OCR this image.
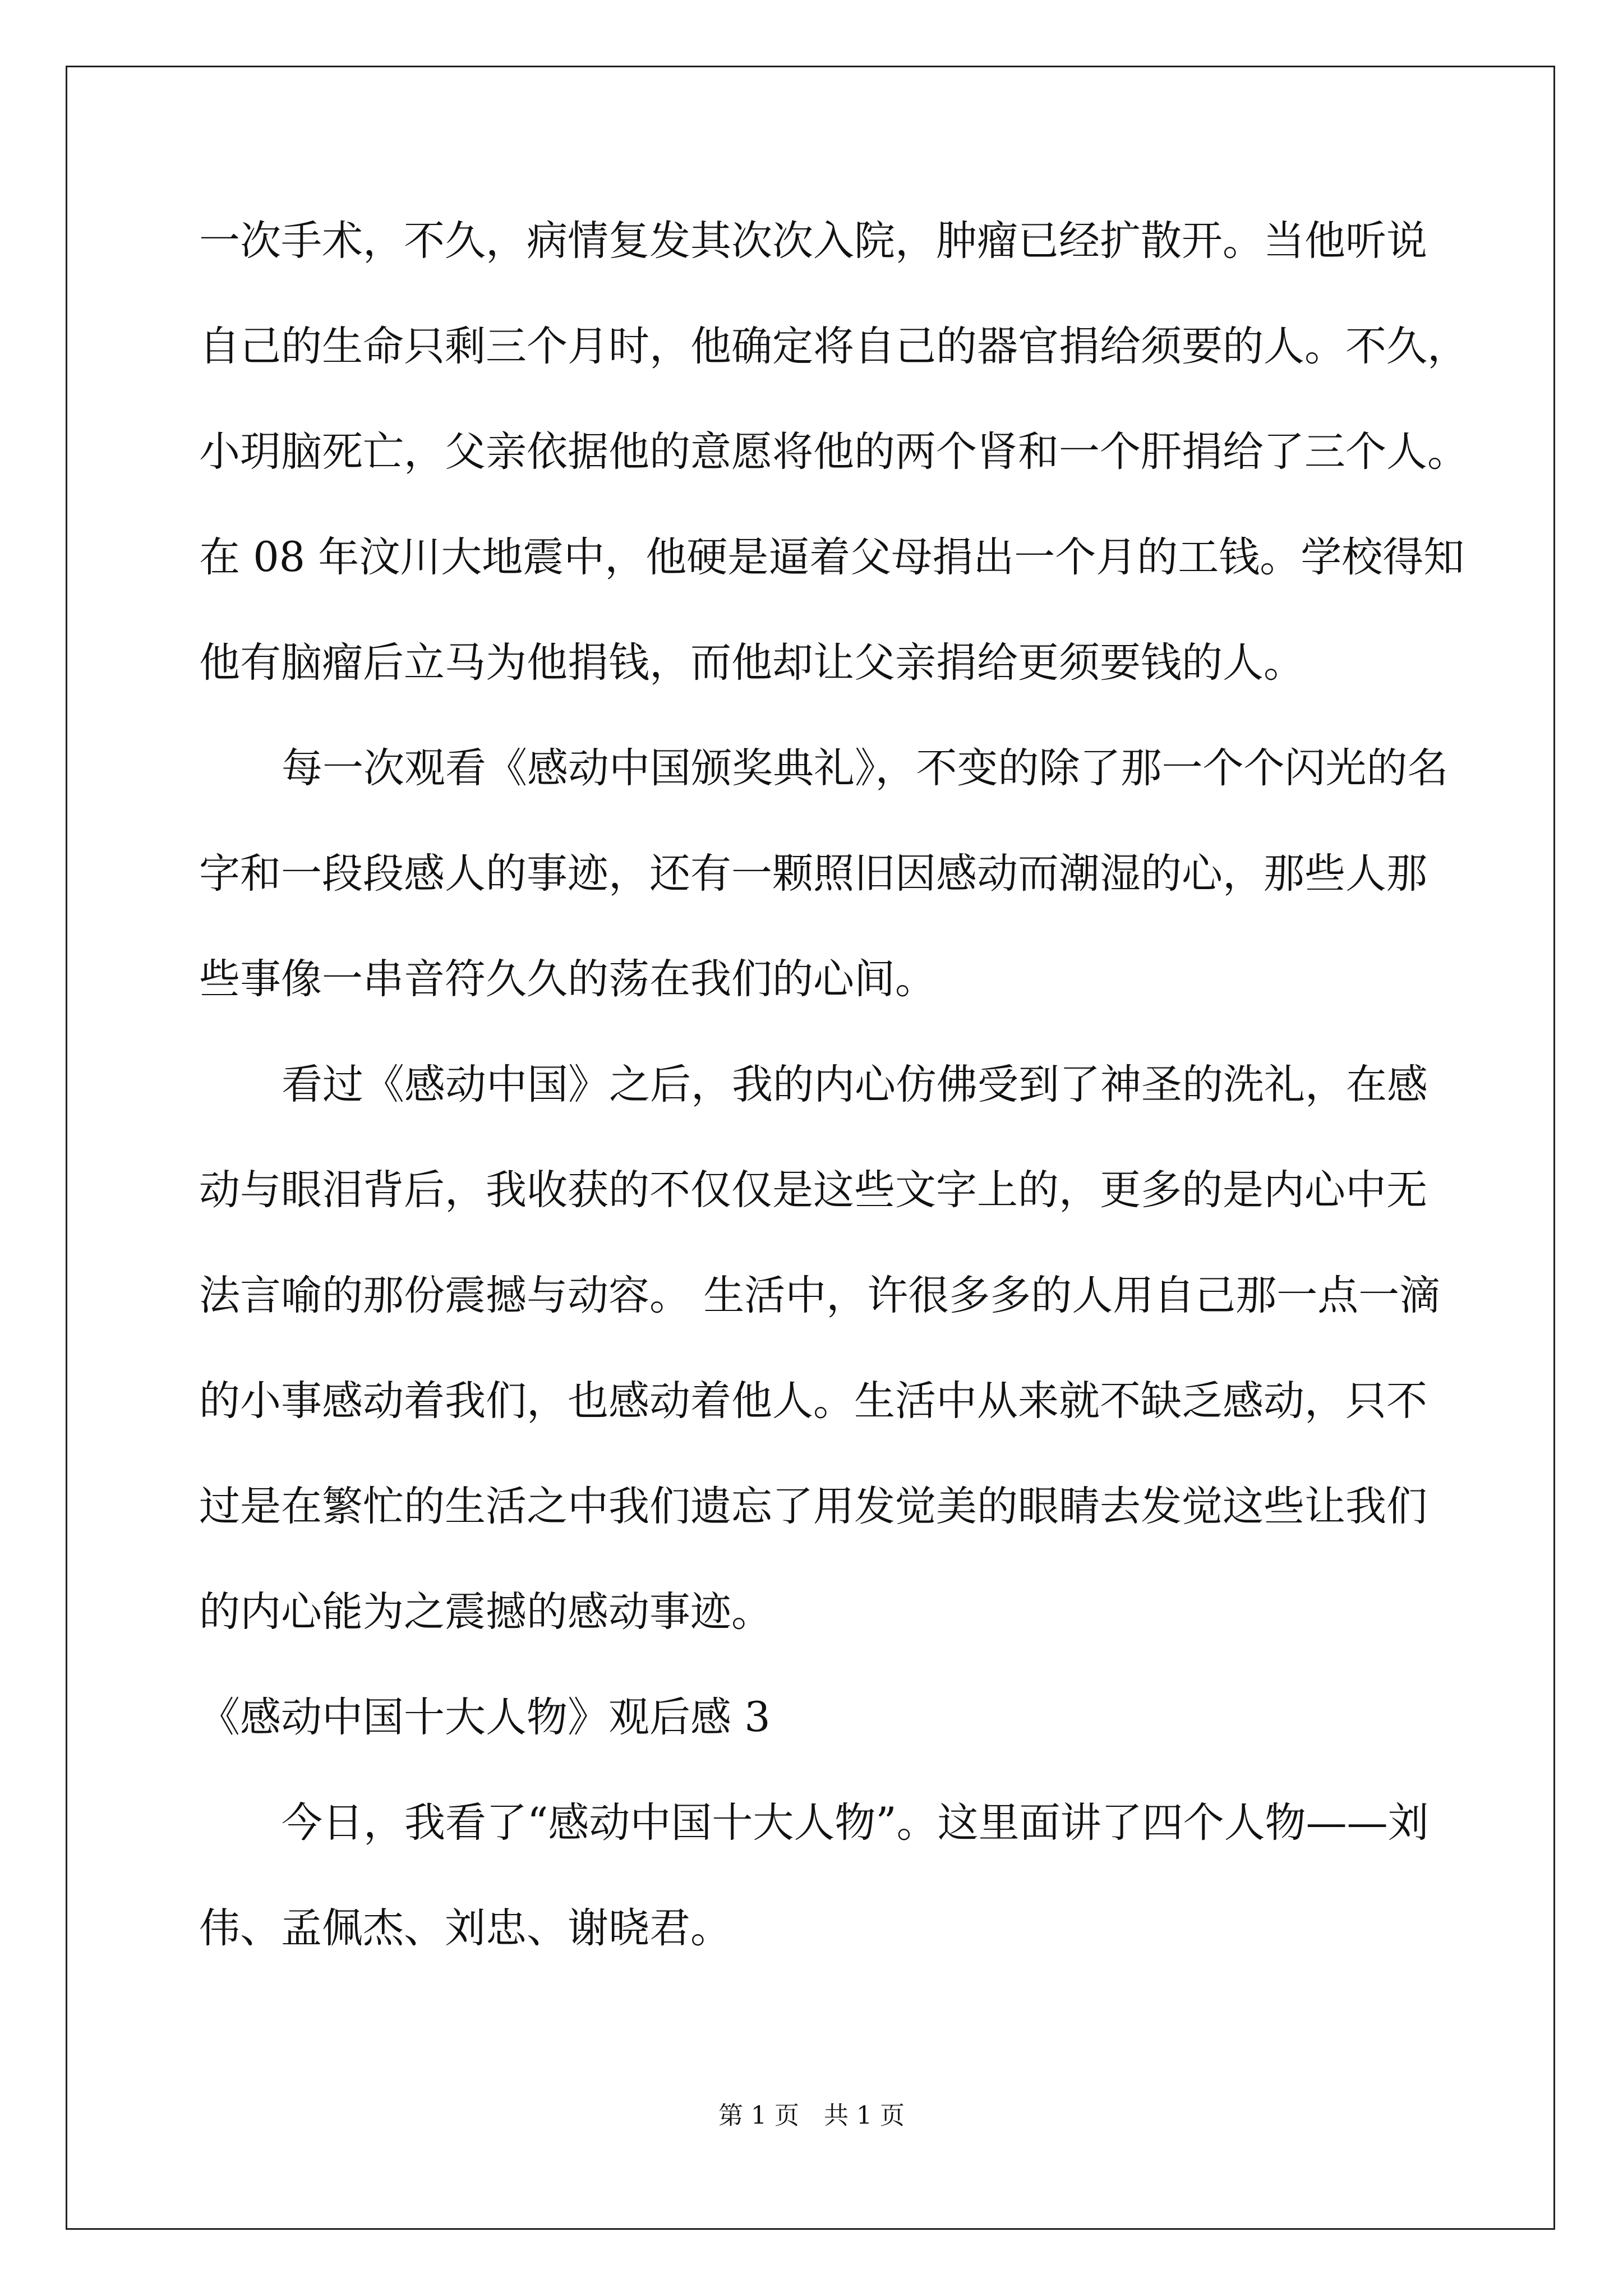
一次手术，不久，病情复发其次次入院，肿瘤已经扩散开。当他听说
自己的生命只剩三个月时，他确定将自己的器官捐给须要的人。不久，
小玥脑死亡，父亲依据他的意愿将他的两个肾和一个肝捐给了三个人。
在 08 年汶川大地震中，他硬是逼着父母捐出一个月的工钱。学校得知
他有脑瘤后立马为他捐钱，而他却让父亲捐给更须要钱的人。
每一次观看《感动中国颁奖典礼》，不变的除了那一个个闪光的名
字和一段段感人的事迹，还有一颗照旧因感动而潮湿的心，那些人那
些事像一串音符久久的荡在我们的心间。
看过《感动中国》之后，我的内心仿佛受到了神圣的洗礼，在感
动与眼泪背后，我收获的不仅仅是这些文字上的，更多的是内心中无
法言喻的那份震撼与动容。 生活中，许很多多的人用自己那一点一滴
的小事感动着我们，也感动着他人。生活中从来就不缺乏感动，只不
过是在繁忙的生活之中我们遗忘了用发觉美的眼睛去发觉这些让我们
的内心能为之震撼的感动事迹。
《感动中国十大人物》观后感 3
今日，我看了“感动中国十大人物”。这里面讲了四个人物——刘
伟、孟佩杰、刘忠、谢晓君。
第 1 页　共 1 页
